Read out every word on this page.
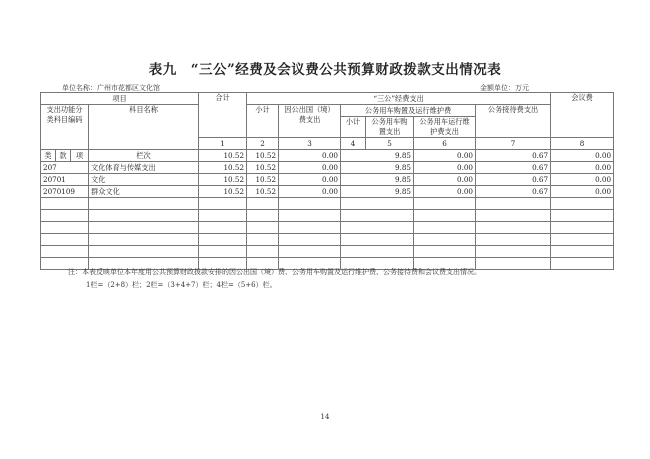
表九　“三公”经费及会议费公共预算财政拨款支出情况表
单位名称：广州市花都区文化馆	金额单位：万元
项目				合计	“三公”经费支出						会议费
支出功能分类科目编码			科目名称		小计	因公出国（境）费支出	公务用车购置及运行维护费			公务接待费支出	
							小计	公务用车购置支出	公务用车运行维护费支出		
				1	2	3	4	5	6	7	8
类	款	项	栏次	10.52	10.52	0.00	9.85		0.00	0.67	0.00
207			文化体育与传媒支出	10.52	10.52	0.00	9.85		0.00	0.67	0.00
20701			文化	10.52	10.52	0.00	9.85		0.00	0.67	0.00
2070109			群众文化	10.52	10.52	0.00	9.85		0.00	0.67	0.00

注：本表反映单位本年度用公共预算财政拨款安排的因公出国（境）费、公务用车购置及运行维护费、公务接待费和会议费支出情况。
1栏=（2+8）栏；2栏=（3+4+7）栏；4栏=（5+6）栏。
14
